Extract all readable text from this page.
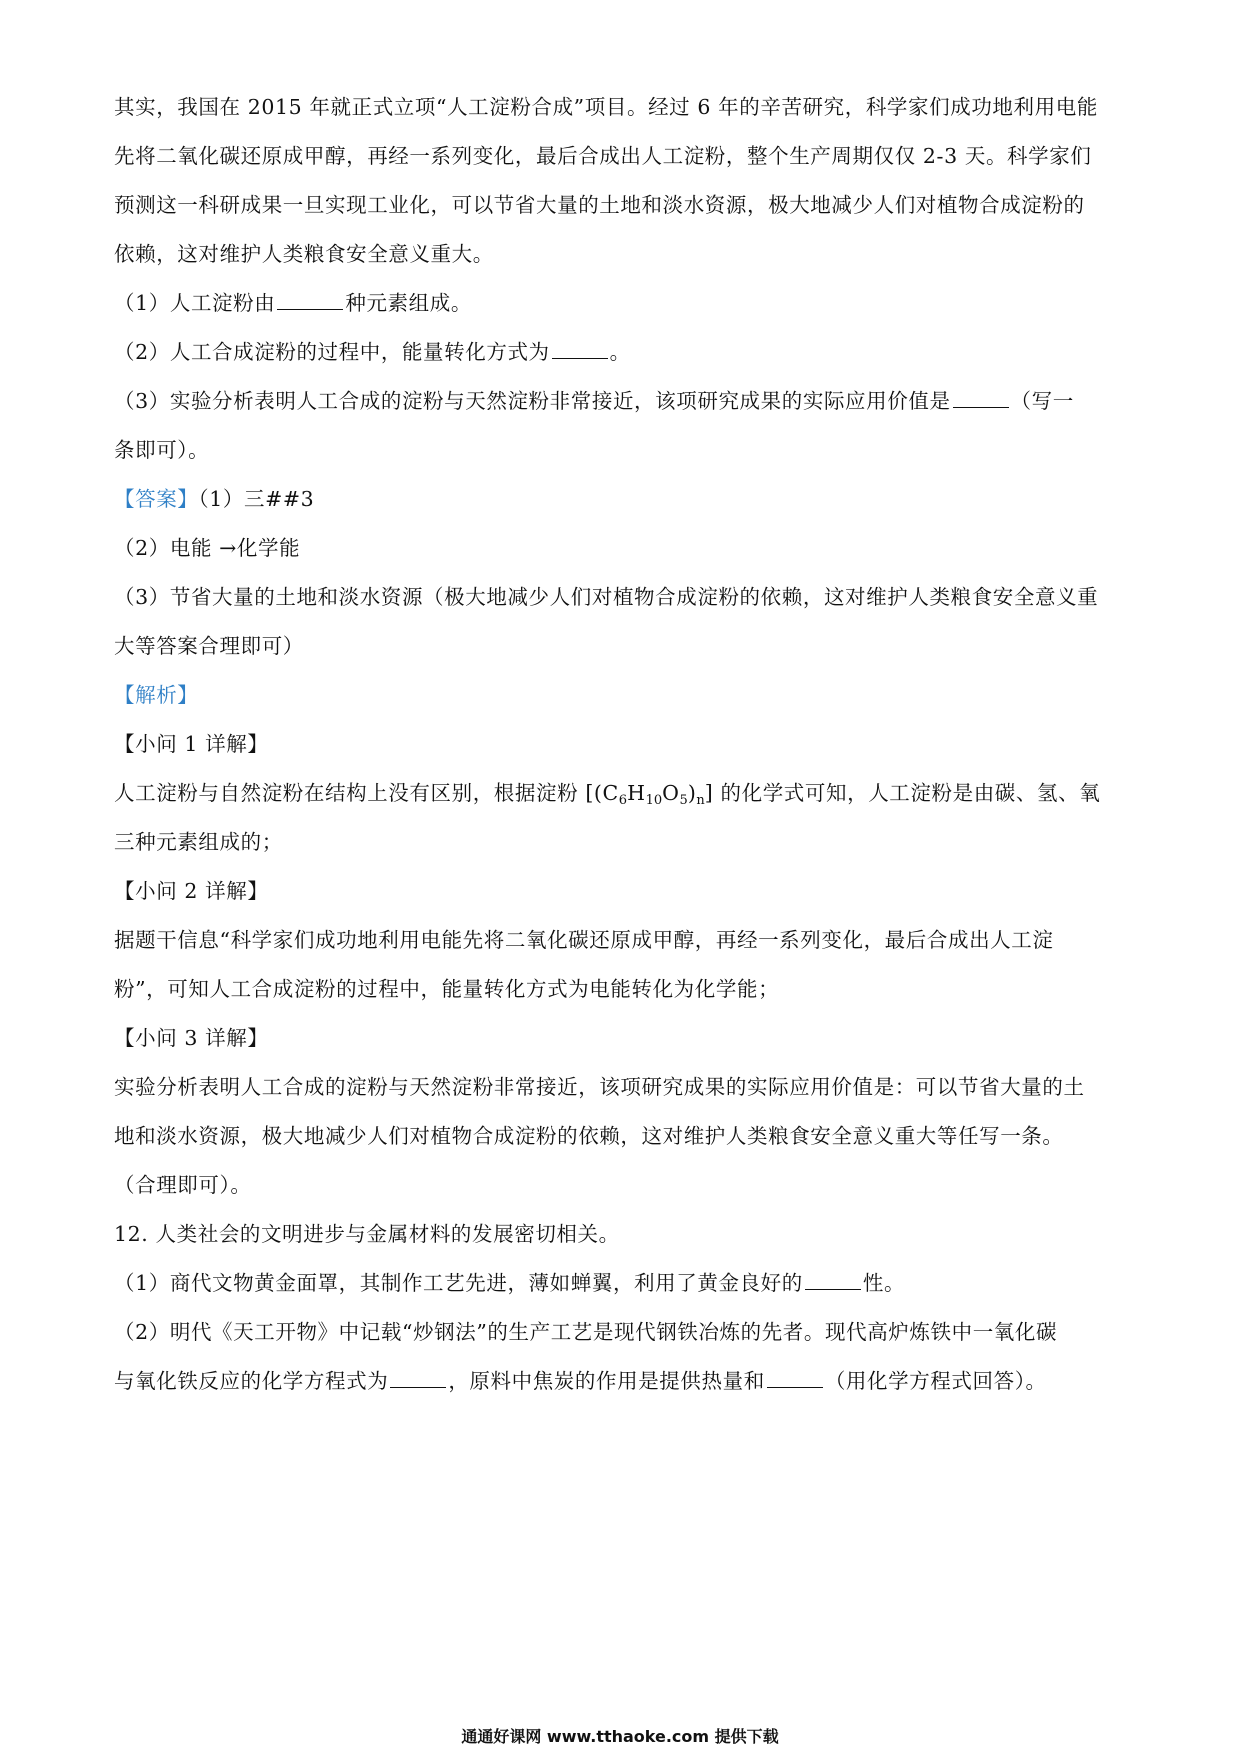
其实，我国在 2015 年就正式立项“人工淀粉合成”项目。经过 6 年的辛苦研究，科学家们成功地利用电能
先将二氧化碳还原成甲醇，再经一系列变化，最后合成出人工淀粉，整个生产周期仅仅 2-3 天。科学家们
预测这一科研成果一旦实现工业化，可以节省大量的土地和淡水资源，极大地减少人们对植物合成淀粉的
依赖，这对维护人类粮食安全意义重大。
（1）人工淀粉由	种元素组成。
（2）人工合成淀粉的过程中，能量转化方式为	。
（3）实验分析表明人工合成的淀粉与天然淀粉非常接近，该项研究成果的实际应用价值是	（写一
条即可）。
【答案】（1）三##3
（2）电能 →化学能
（3）节省大量的土地和淡水资源（极大地减少人们对植物合成淀粉的依赖，这对维护人类粮食安全意义重
大等答案合理即可）
【解析】
【小问 1 详解】
人工淀粉与自然淀粉在结构上没有区别，根据淀粉 $[(C_6H_{10}O_5)_n]$ 的化学式可知，人工淀粉是由碳、氢、氧
三种元素组成的；
【小问 2 详解】
据题干信息“科学家们成功地利用电能先将二氧化碳还原成甲醇，再经一系列变化，最后合成出人工淀
粉”，可知人工合成淀粉的过程中，能量转化方式为电能转化为化学能；
【小问 3 详解】
实验分析表明人工合成的淀粉与天然淀粉非常接近，该项研究成果的实际应用价值是：可以节省大量的土
地和淡水资源，极大地减少人们对植物合成淀粉的依赖，这对维护人类粮食安全意义重大等任写一条。
（合理即可）。
12. 人类社会的文明进步与金属材料的发展密切相关。
（1）商代文物黄金面罩，其制作工艺先进，薄如蝉翼，利用了黄金良好的	性。
（2）明代《天工开物》中记载“炒钢法”的生产工艺是现代钢铁冶炼的先者。现代高炉炼铁中一氧化碳
与氧化铁反应的化学方程式为	，原料中焦炭的作用是提供热量和	（用化学方程式回答）。
通通好课网 www.tthaoke.com 提供下载
